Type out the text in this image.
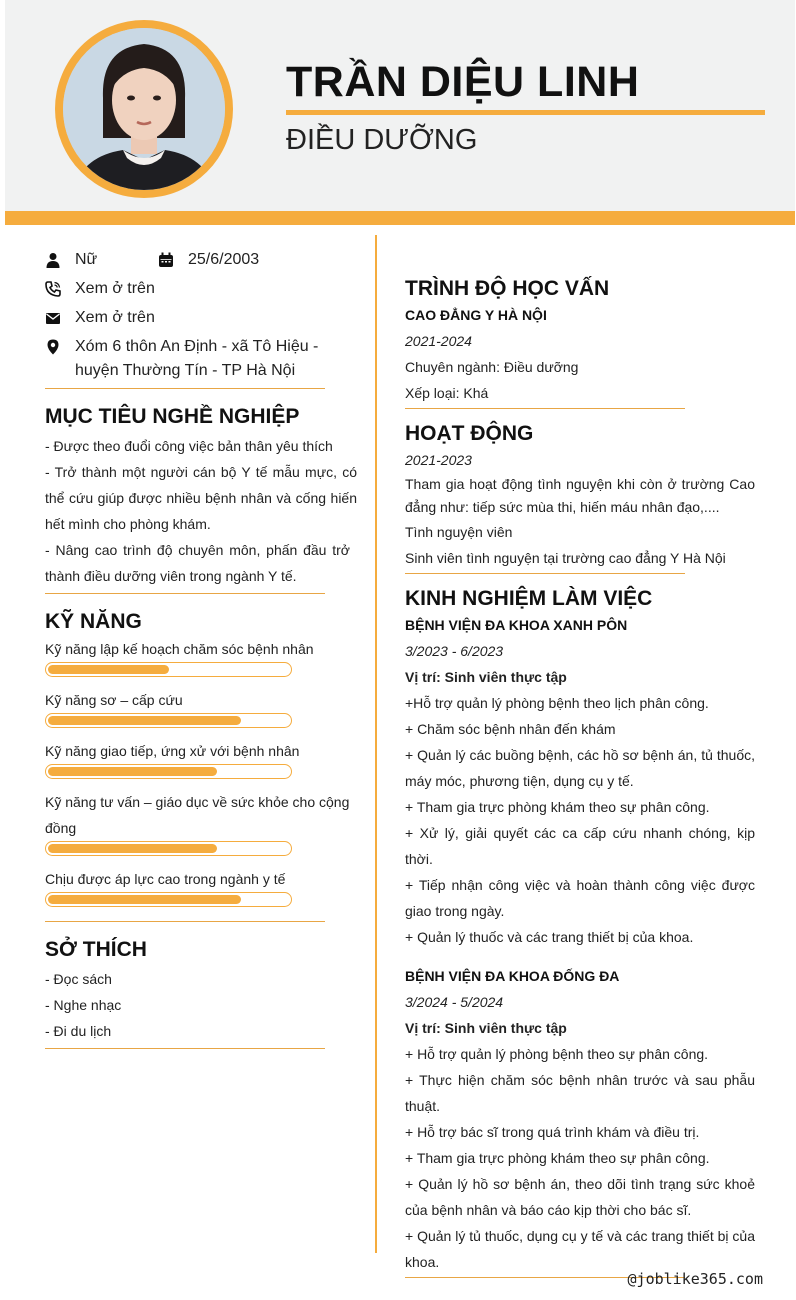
TRẦN DIỆU LINH
ĐIỀU DƯỠNG
Nữ	25/6/2003
Xem ở trên
Xem ở trên
Xóm 6 thôn An Định - xã Tô Hiệu - huyện Thường Tín - TP Hà Nội
MỤC TIÊU NGHỀ NGHIỆP
- Được theo đuổi công việc bản thân yêu thích
- Trở thành một người cán bộ Y tế mẫu mực, có thể cứu giúp được nhiều bệnh nhân và cống hiến hết mình cho phòng khám.
- Nâng cao trình độ chuyên môn, phấn đầu trở thành điều dưỡng viên trong ngành Y tế.
KỸ NĂNG
Kỹ năng lập kế hoạch chăm sóc bệnh nhân
Kỹ năng sơ – cấp cứu
Kỹ năng giao tiếp, ứng xử với bệnh nhân
Kỹ năng tư vấn – giáo dục về sức khỏe cho cộng đồng
Chịu được áp lực cao trong ngành y tế
SỞ THÍCH
- Đọc sách
- Nghe nhạc
- Đi du lịch
TRÌNH ĐỘ HỌC VẤN
CAO ĐẲNG Y HÀ NỘI
2021-2024
Chuyên ngành: Điều dưỡng
Xếp loại: Khá
HOẠT ĐỘNG
2021-2023
Tham gia hoạt động tình nguyện khi còn ở trường Cao đẳng như: tiếp sức mùa thi, hiến máu nhân đạo,....
Tình nguyện viên
Sinh viên tình nguyện tại trường cao đẳng Y Hà Nội
KINH NGHIỆM LÀM VIỆC
BỆNH VIỆN ĐA KHOA XANH PÔN
3/2023 - 6/2023
Vị trí: Sinh viên thực tập
+Hỗ trợ quản lý phòng bệnh theo lịch phân công.
+ Chăm sóc bệnh nhân đến khám
+ Quản lý các buồng bệnh, các hồ sơ bệnh án, tủ thuốc, máy móc, phương tiện, dụng cụ y tế.
+ Tham gia trực phòng khám theo sự phân công.
+ Xử lý, giải quyết các ca cấp cứu nhanh chóng, kịp thời.
+ Tiếp nhận công việc và hoàn thành công việc được giao trong ngày.
+ Quản lý thuốc và các trang thiết bị của khoa.
BỆNH VIỆN ĐA KHOA ĐỐNG ĐA
3/2024 - 5/2024
Vị trí: Sinh viên thực tập
+ Hỗ trợ quản lý phòng bệnh theo sự phân công.
+ Thực hiện chăm sóc bệnh nhân trước và sau phẫu thuật.
+ Hỗ trợ bác sĩ trong quá trình khám và điều trị.
+ Tham gia trực phòng khám theo sự phân công.
+ Quản lý hồ sơ bệnh án, theo dõi tình trạng sức khoẻ của bệnh nhân và báo cáo kịp thời cho bác sĩ.
+ Quản lý tủ thuốc, dụng cụ y tế và các trang thiết bị của khoa.
@joblike365.com
